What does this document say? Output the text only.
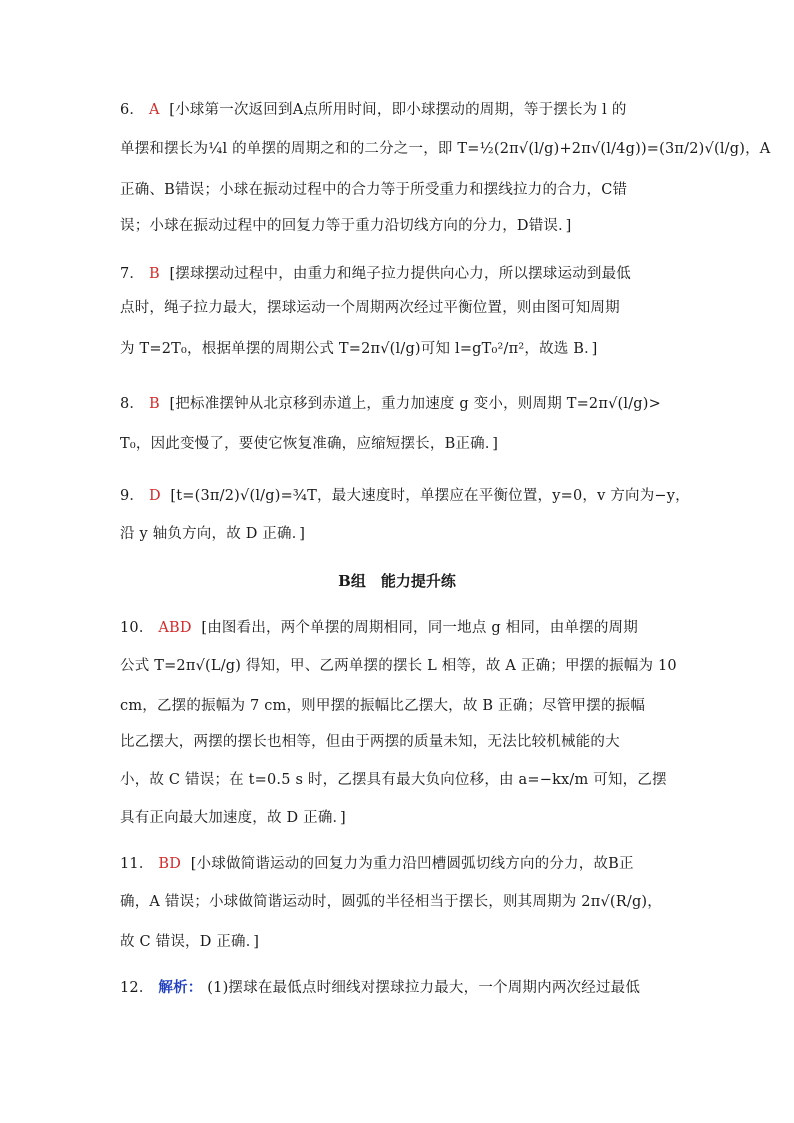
6． A [小球第一次返回到A点所用时间，即小球摆动的周期，等于摆长为 l 的
单摆和摆长为¼l 的单摆的周期之和的二分之一，即 T=½(2π√(l/g)+2π√(l/4g))=(3π/2)√(l/g)，A
正确、B错误；小球在振动过程中的合力等于所受重力和摆线拉力的合力，C错
误；小球在振动过程中的回复力等于重力沿切线方向的分力，D错误．]
7． B [摆球摆动过程中，由重力和绳子拉力提供向心力，所以摆球运动到最低
点时，绳子拉力最大，摆球运动一个周期两次经过平衡位置，则由图可知周期
为 T=2T₀，根据单摆的周期公式 T=2π√(l/g)可知 l=gT₀²/π²，故选 B．]
8． B [把标准摆钟从北京移到赤道上，重力加速度 g 变小，则周期 T=2π√(l/g)>
T₀，因此变慢了，要使它恢复准确，应缩短摆长，B正确．]
9． D [t=(3π/2)√(l/g)=¾T，最大速度时，单摆应在平衡位置，y=0，v 方向为−y，
沿 y 轴负方向，故 D 正确．]
B组　能力提升练
10． ABD [由图看出，两个单摆的周期相同，同一地点 g 相同，由单摆的周期
公式 T=2π√(L/g) 得知，甲、乙两单摆的摆长 L 相等，故 A 正确；甲摆的振幅为 10
cm，乙摆的振幅为 7 cm，则甲摆的振幅比乙摆大，故 B 正确；尽管甲摆的振幅
比乙摆大，两摆的摆长也相等，但由于两摆的质量未知，无法比较机械能的大
小，故 C 错误；在 t=0.5 s 时，乙摆具有最大负向位移，由 a=−kx/m 可知，乙摆
具有正向最大加速度，故 D 正确．]
11． BD [小球做简谐运动的回复力为重力沿凹槽圆弧切线方向的分力，故B正
确，A 错误；小球做简谐运动时，圆弧的半径相当于摆长，则其周期为 2π√(R/g)，
故 C 错误，D 正确．]
12． 解析： (1)摆球在最低点时细线对摆球拉力最大，一个周期内两次经过最低
